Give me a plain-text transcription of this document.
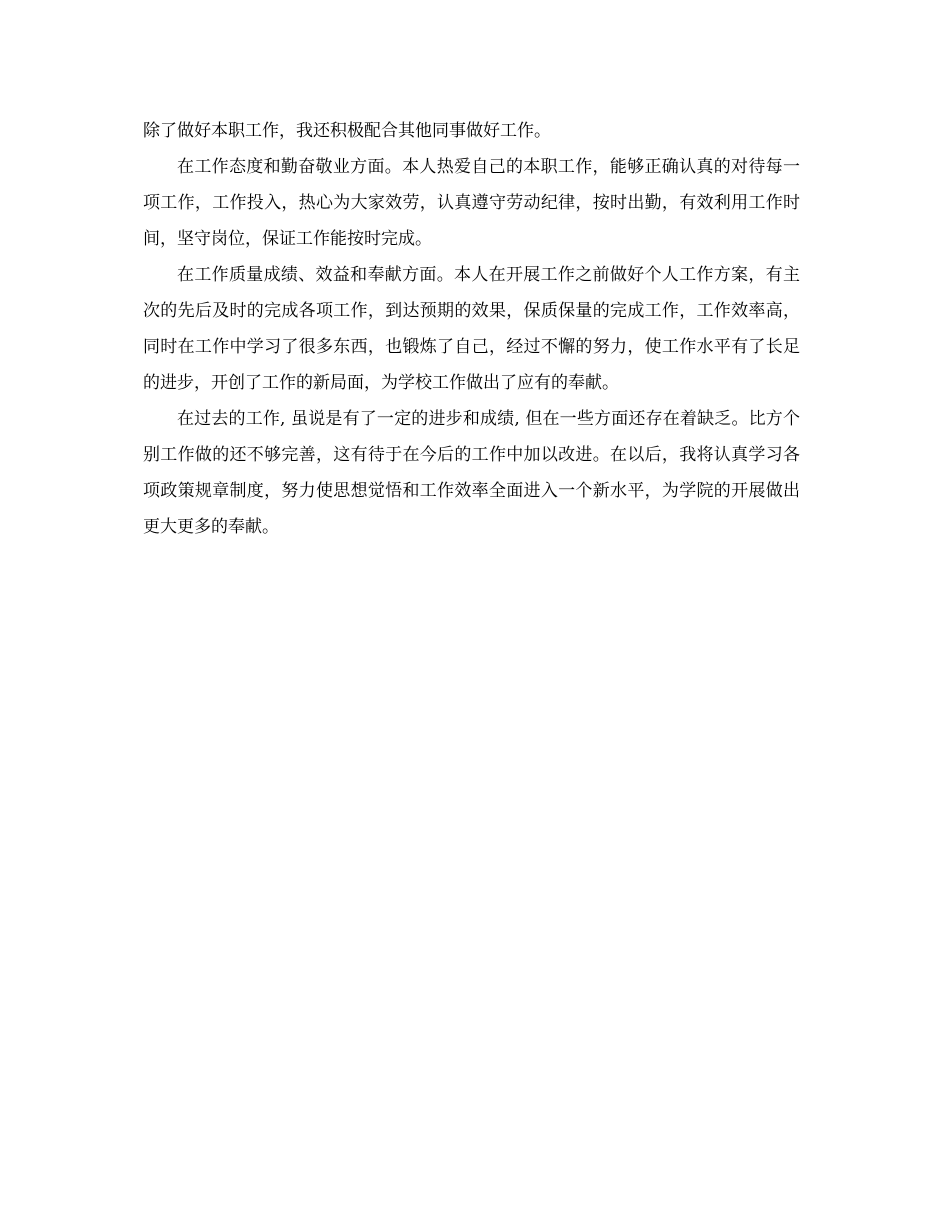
除了做好本职工作，我还积极配合其他同事做好工作。

在工作态度和勤奋敬业方面。本人热爱自己的本职工作，能够正确认真的对待每一项工作，工作投入，热心为大家效劳，认真遵守劳动纪律，按时出勤，有效利用工作时间，坚守岗位，保证工作能按时完成。

在工作质量成绩、效益和奉献方面。本人在开展工作之前做好个人工作方案，有主次的先后及时的完成各项工作，到达预期的效果，保质保量的完成工作，工作效率高，同时在工作中学习了很多东西，也锻炼了自己，经过不懈的努力，使工作水平有了长足的进步，开创了工作的新局面，为学校工作做出了应有的奉献。

在过去的工作, 虽说是有了一定的进步和成绩, 但在一些方面还存在着缺乏。比方个别工作做的还不够完善，这有待于在今后的工作中加以改进。在以后，我将认真学习各项政策规章制度，努力使思想觉悟和工作效率全面进入一个新水平，为学院的开展做出更大更多的奉献。
